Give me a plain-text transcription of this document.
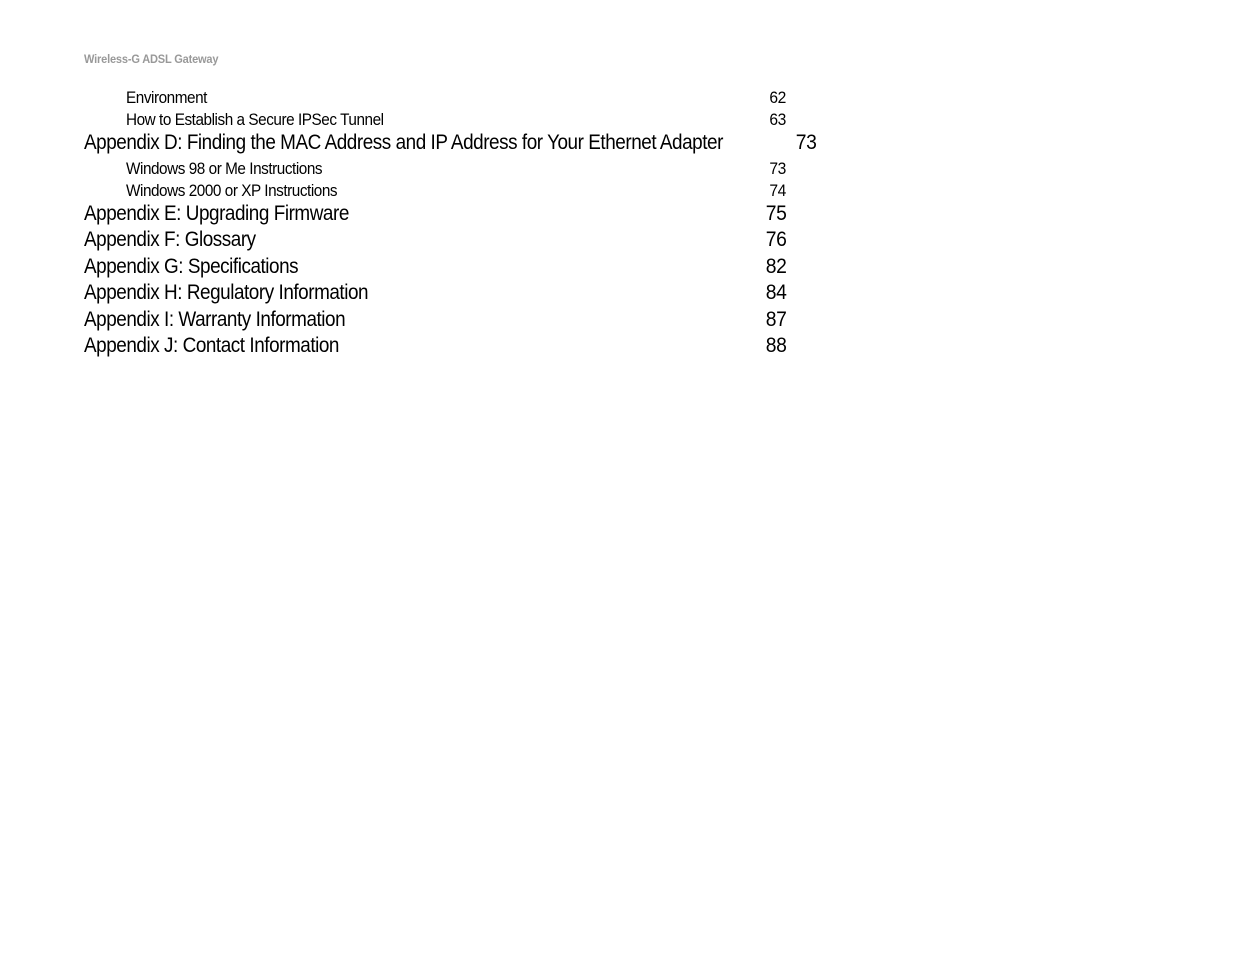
Wireless-G ADSL Gateway
Environment	62
How to Establish a Secure IPSec Tunnel	63
Appendix D: Finding the MAC Address and IP Address for Your Ethernet Adapter	73
Windows 98 or Me Instructions	73
Windows 2000 or XP Instructions	74
Appendix E: Upgrading Firmware	75
Appendix F: Glossary	76
Appendix G: Specifications	82
Appendix H: Regulatory Information	84
Appendix I: Warranty Information	87
Appendix J: Contact Information	88
